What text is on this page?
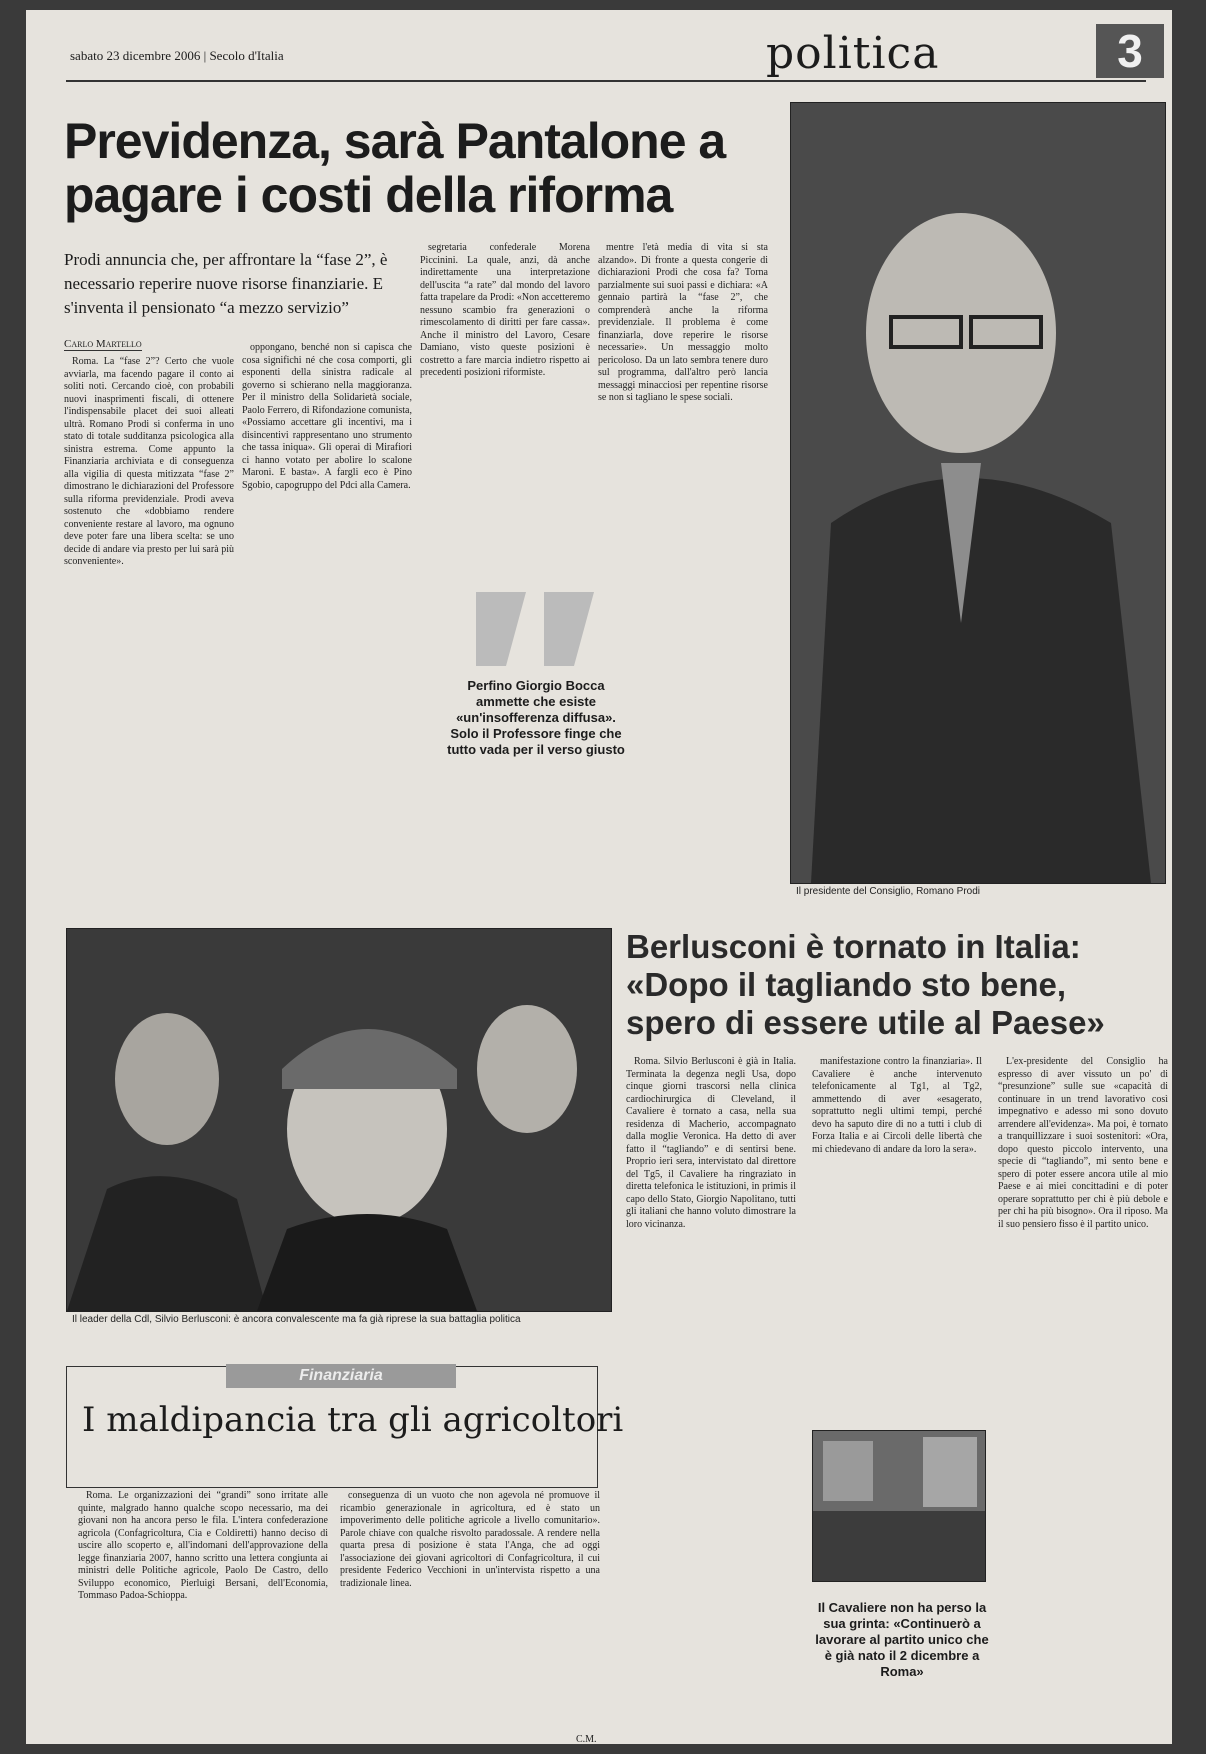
sabato 23 dicembre 2006 | Secolo d'Italia	politica	3
Previdenza, sarà Pantalone a pagare i costi della riforma
Prodi annuncia che, per affrontare la “fase 2”, è necessario reperire nuove risorse finanziarie. E s'inventa il pensionato “a mezzo servizio”
Carlo Martello

Roma. La “fase 2”? Certo che vuole avviarla, ma facendo pagare il conto ai soliti noti. Cercando cioè, con probabili nuovi inasprimenti fiscali, di ottenere l'indispensabile placet dei suoi alleati ultrà. Romano Prodi si conferma in uno stato di totale sudditanza psicologica alla sinistra estrema. Come appunto la Finanziaria archiviata e di conseguenza alla vigilia di questa mitizzata “fase 2” dimostrano le dichiarazioni del Professore sulla riforma previdenziale. Prodi aveva sostenuto che «dobbiamo rendere conveniente restare al lavoro, ma ognuno deve poter fare una libera scelta: se uno decide di andare via presto per lui sarà più sconveniente».

oppongano, benché non si capisca che cosa significhi né che cosa comporti, gli esponenti della sinistra radicale al governo si schierano nella maggioranza. Per il ministro della Solidarietà sociale, Paolo Ferrero, di Rifondazione comunista, «Possiamo accettare gli incentivi, ma i disincentivi rappresentano uno strumento che tassa iniqua». Gli operai di Mirafiori ci hanno votato per abolire lo scalone Maroni. E basta». A fargli eco è Pino Sgobio, capogruppo del Pdci alla Camera.

segretaria confederale Morena Piccinini. La quale, anzi, dà anche indirettamente una interpretazione dell'uscita “a rate” dal mondo del lavoro fatta trapelare da Prodi: «Non accetteremo nessuno scambio fra generazioni o rimescolamento di diritti per fare cassa». Anche il ministro del Lavoro, Cesare Damiano, visto queste posizioni è costretto a fare marcia indietro rispetto ai precedenti posizioni riformiste.

mentre l'età media di vita si sta alzando». Di fronte a questa congerie di dichiarazioni Prodi che cosa fa? Torna parzialmente sui suoi passi e dichiara: «A gennaio partirà la “fase 2”, che comprenderà anche la riforma previdenziale. Il problema è come finanziarla, dove reperire le risorse necessarie». Un messaggio molto pericoloso. Da un lato sembra tenere duro sul programma, dall'altro però lancia messaggi minacciosi per repentine risorse se non si tagliano le spese sociali.

Perfino Giorgio Bocca ammette che esiste «un'insofferenza diffusa». Solo il Professore finge che tutto vada per il verso giusto
Il presidente del Consiglio, Romano Prodi
Il leader della Cdl, Silvio Berlusconi: è ancora convalescente ma fa già riprese la sua battaglia politica
Berlusconi è tornato in Italia:
«Dopo il tagliando sto bene,
spero di essere utile al Paese»

Roma. Silvio Berlusconi è già in Italia. Terminata la degenza negli Usa, dopo cinque giorni trascorsi nella clinica cardiochirurgica di Cleveland, il Cavaliere è tornato a casa, nella sua residenza di Macherio, accompagnato dalla moglie Veronica. Ha detto di aver fatto il “tagliando” e di sentirsi bene. Proprio ieri sera, intervistato dal direttore del Tg5, il Cavaliere ha ringraziato in diretta telefonica le istituzioni, in primis il capo dello Stato, Giorgio Napolitano, tutti gli italiani che hanno voluto dimostrare la loro vicinanza.

manifestazione contro la finanziaria». Il Cavaliere è anche intervenuto telefonicamente al Tg1, al Tg2, ammettendo di aver «esagerato, soprattutto negli ultimi tempi, perché devo ha saputo dire di no a tutti i club di Forza Italia e ai Circoli delle libertà che mi chiedevano di andare da loro la sera».

L'ex-presidente del Consiglio ha espresso di aver vissuto un po' di “presunzione” sulle sue «capacità di continuare in un trend lavorativo così impegnativo e adesso mi sono dovuto arrendere all'evidenza». Ma poi, è tornato a tranquillizzare i suoi sostenitori: «Ora, dopo questo piccolo intervento, una specie di “tagliando”, mi sento bene e spero di poter essere ancora utile al mio Paese e ai miei concittadini e di poter operare soprattutto per chi è più debole e per chi ha più bisogno». Ora il riposo. Ma il suo pensiero fisso è il partito unico.

Il Cavaliere non ha perso la sua grinta: «Continuerò a lavorare al partito unico che è già nato il 2 dicembre a Roma»
Finanziaria
I maldipancia tra gli agricoltori

Roma. Le organizzazioni dei “grandi” sono irritate alle quinte, malgrado hanno qualche scopo necessario, ma dei giovani non ha ancora perso le fila. L'intera confederazione agricola (Confagricoltura, Cia e Coldiretti) hanno deciso di uscire allo scoperto e, all'indomani dell'approvazione della legge finanziaria 2007, hanno scritto una lettera congiunta ai ministri delle Politiche agricole, Paolo De Castro, dello Sviluppo economico, Pierluigi Bersani, dell'Economia, Tommaso Padoa-Schioppa.

conseguenza di un vuoto che non agevola né promuove il ricambio generazionale in agricoltura, ed è stato un impoverimento delle politiche agricole a livello comunitario». Parole chiave con qualche risvolto paradossale. A rendere nella quarta presa di posizione è stata l'Anga, che ad oggi l'associazione dei giovani agricoltori di Confagricoltura, il cui presidente Federico Vecchioni in un'intervista rispetto a una tradizionale linea.

C.M.
